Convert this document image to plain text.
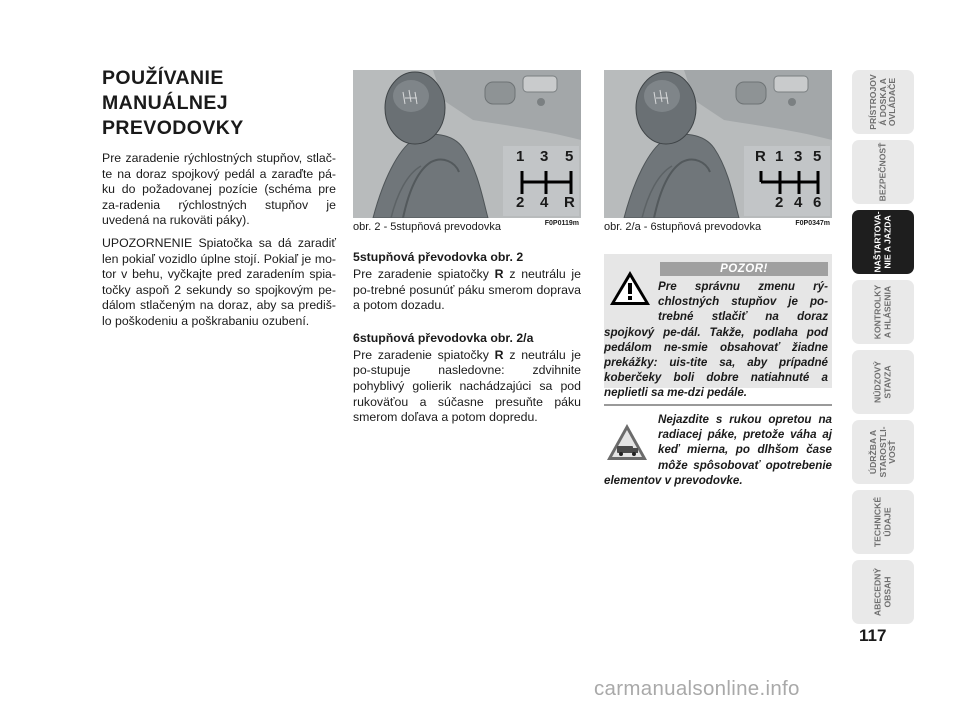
POUŽÍVANIE
MANUÁLNEJ
PREVODOVKY

Pre zaradenie rýchlostných stupňov, stlač-te na doraz spojkový pedál a zaraďte pá-ku do požadovanej pozície (schéma pre za-radenia rýchlostných stupňov je uvedená na rukoväti páky).

UPOZORNENIE Spiatočka sa dá zaradiť len pokiaľ vozidlo úplne stojí. Pokiaľ je mo-tor v behu, vyčkajte pred zaradením spia-točky aspoň 2 sekundy so spojkovým pe-dálom stlačeným na doraz, aby sa prediš-lo poškodeniu a poškrabaniu ozubení.

1 3 5
2 4 R
obr. 2 - 5stupňová prevodovka	F0P0119m
5stupňová převodovka obr. 2

Pre zaradenie spiatočky R z neutrálu je po-trebné posunúť páku smerom doprava a potom dozadu.

6stupňová převodovka obr. 2/a

Pre zaradenie spiatočky R z neutrálu je po-stupuje nasledovne: zdvihnite pohyblivý golierik nachádzajúci sa pod rukoväťou a súčasne presuňte páku smerom doľava a potom dopredu.

R 1 3 5
2 4 6
obr. 2/a - 6stupňová prevodovka	F0P0347m
POZOR!

Pre správnu zmenu rý-chlostných stupňov je po-trebné stlačiť na doraz spojkový pe-dál. Takže, podlaha pod pedálom ne-smie obsahovať žiadne prekážky: uis-tite sa, aby prípadné koberčeky boli dobre natiahnuté a neplietli sa me-dzi pedále.

Nejazdite s rukou opretou na radiacej páke, pretože váha aj keď mierna, po dlhšom čase môže spôsobovať opotrebenie elementov v prevodovke.

PRÍSTROJOV
Á DOSKA A
OVLÁDAČE
BEZPEČNOSŤ
NAŠTARTOVA-
NIE A JAZDA
KONTROLKY
A HLÁSENIA
NÚDZOVÝ
STAVZA
ÚDRŽBA A
STAROSTLI-
VOSŤ
TECHNICKÉ
ÚDAJE
ABECEDNÝ
OBSAH
117
carmanualsonline.info
